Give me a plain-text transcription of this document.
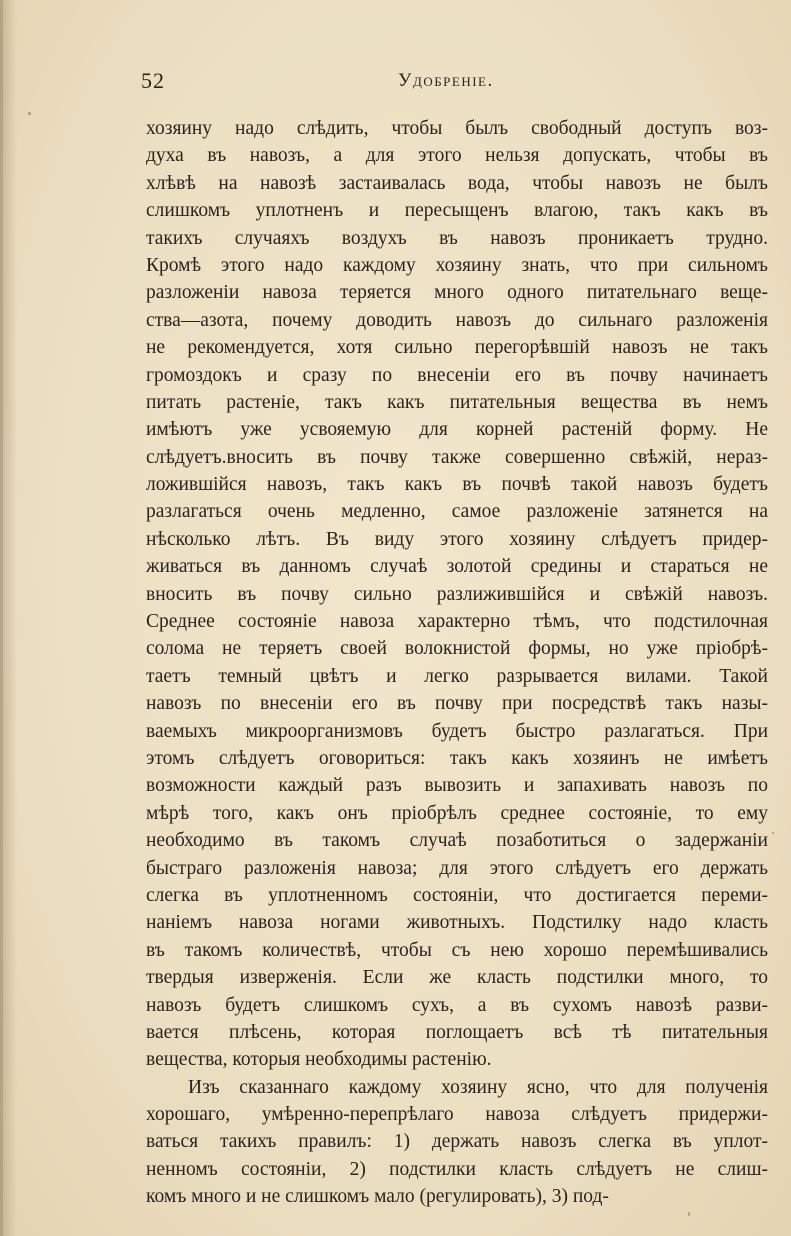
52	Удобреніе.
хозяину надо слѣдить, чтобы былъ свободный доступъ воз-
духа въ навозъ, а для этого нельзя допускать, чтобы въ
хлѣвѣ на навозѣ застаивалась вода, чтобы навозъ не былъ
слишкомъ уплотненъ и пересыщенъ влагою, такъ какъ въ
такихъ случаяхъ воздухъ въ навозъ проникаетъ трудно.
Кромѣ этого надо каждому хозяину знать, что при сильномъ
разложеніи навоза теряется много одного питательнаго веще-
ства—азота, почему доводить навозъ до сильнаго разложенія
не рекомендуется, хотя сильно перегорѣвшій навозъ не такъ
громоздокъ и сразу по внесеніи его въ почву начинаетъ
питать растеніе, такъ какъ питательныя вещества въ немъ
имѣютъ уже усвояемую для корней растеній форму. Не
слѣдуетъ.вносить въ почву также совершенно свѣжій, нераз-
ложившійся навозъ, такъ какъ въ почвѣ такой навозъ будетъ
разлагаться очень медленно, самое разложеніе затянется на
нѣсколько лѣтъ. Въ виду этого хозяину слѣдуетъ придер-
живаться въ данномъ случаѣ золотой средины и стараться не
вносить въ почву сильно разлижившійся и свѣжій навозъ.
Среднее состояніе навоза характерно тѣмъ, что подстилочная
солома не теряетъ своей волокнистой формы, но уже пріобрѣ-
таетъ темный цвѣтъ и легко разрывается вилами. Такой
навозъ по внесеніи его въ почву при посредствѣ такъ назы-
ваемыхъ микроорганизмовъ будетъ быстро разлагаться. При
этомъ слѣдуетъ оговориться: такъ какъ хозяинъ не имѣетъ
возможности каждый разъ вывозить и запахивать навозъ по
мѣрѣ того, какъ онъ пріобрѣлъ среднее состояніе, то ему
необходимо въ такомъ случаѣ позаботиться о задержаніи
быстраго разложенія навоза; для этого слѣдуетъ его держать
слегка въ уплотненномъ состояніи, что достигается переми-
наніемъ навоза ногами животныхъ. Подстилку надо класть
въ такомъ количествѣ, чтобы съ нею хорошо перемѣшивались
твердыя изверженія. Если же класть подстилки много, то
навозъ будетъ слишкомъ сухъ, а въ сухомъ навозѣ разви-
вается плѣсень, которая поглощаетъ всѣ тѣ питательныя
вещества, которыя необходимы растенію.
Изъ сказаннаго каждому хозяину ясно, что для полученія
хорошаго, умѣренно-перепрѣлаго навоза слѣдуетъ придержи-
ваться такихъ правилъ: 1) держать навозъ слегка въ уплот-
ненномъ состояніи, 2) подстилки класть слѣдуетъ не слиш-
комъ много и не слишкомъ мало (регулировать), 3) под-
